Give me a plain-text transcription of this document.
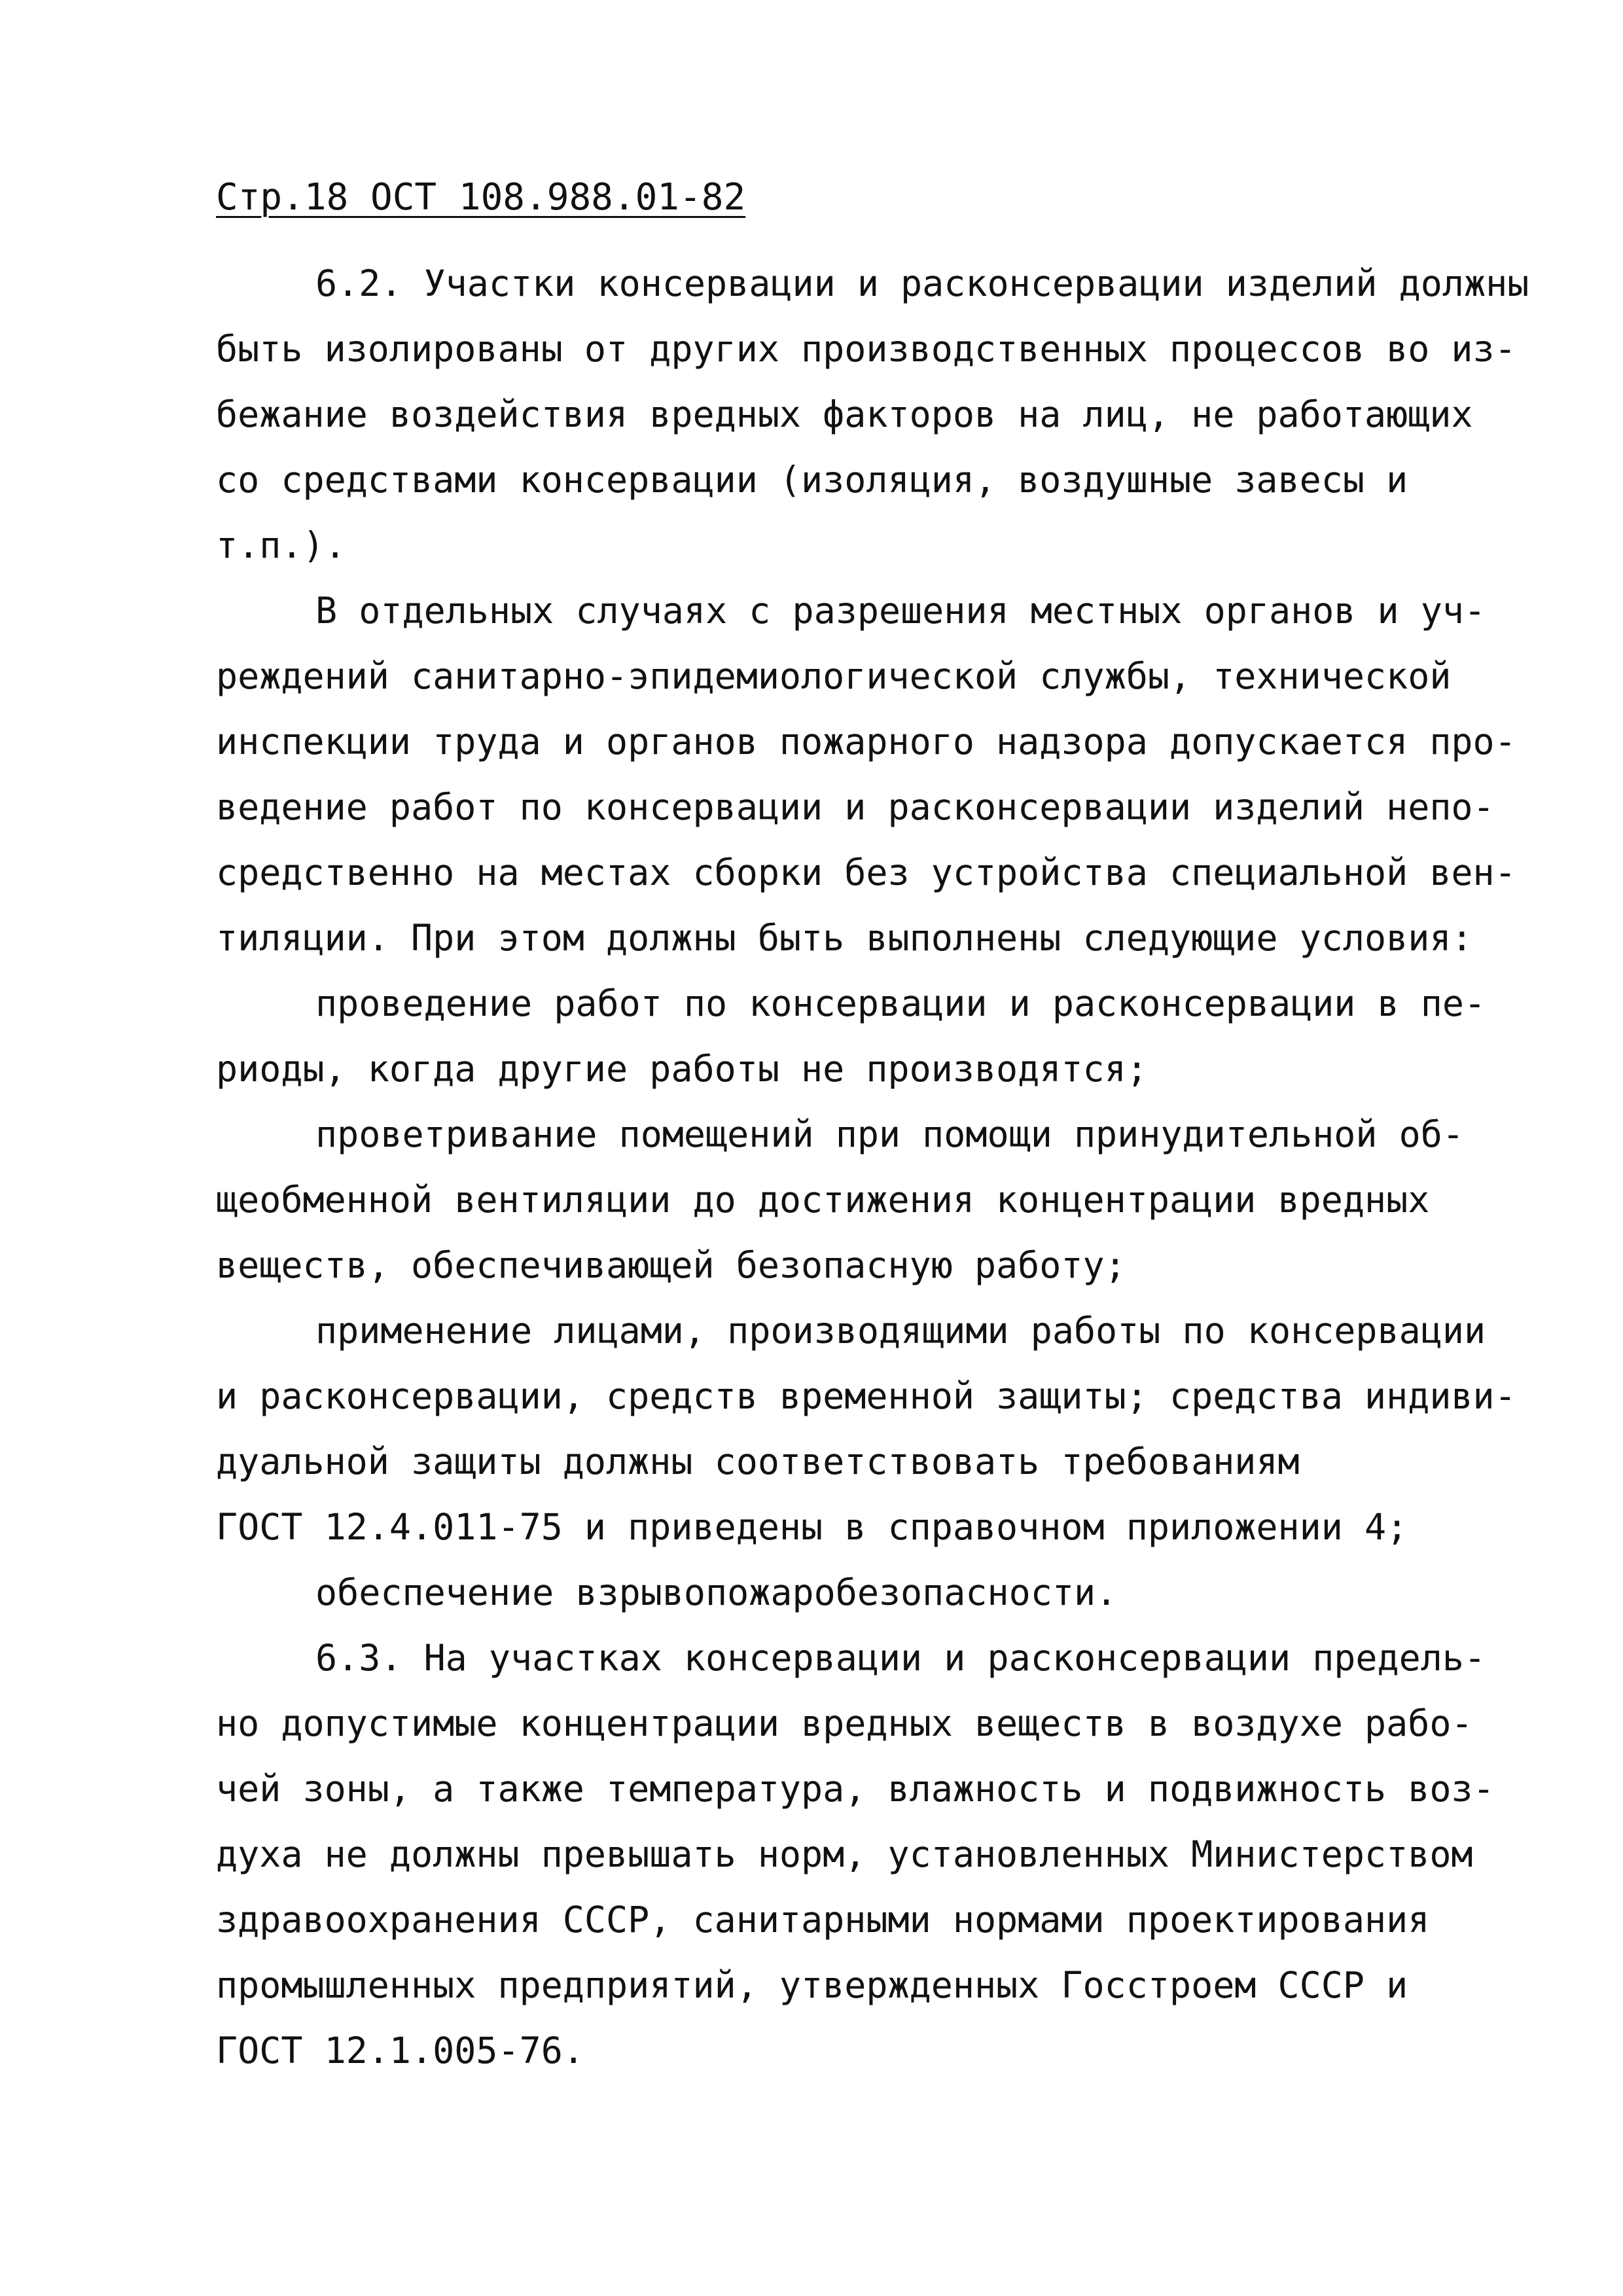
Стр.18 ОСТ 108.988.01-82
6.2. Участки консервации и расконсервации изделий должны
быть изолированы от других производственных процессов во из-
бежание воздействия вредных факторов на лиц, не работающих
со средствами консервации (изоляция, воздушные завесы и
т.п.).
В отдельных случаях с разрешения местных органов и уч-
реждений санитарно-эпидемиологической службы, технической
инспекции труда и органов пожарного надзора допускается про-
ведение работ по консервации и расконсервации изделий непо-
средственно на местах сборки без устройства специальной вен-
тиляции. При этом должны быть выполнены следующие условия:
проведение работ по консервации и расконсервации в пе-
риоды, когда другие работы не производятся;
проветривание помещений при помощи принудительной об-
щеобменной вентиляции до достижения концентрации вредных
веществ, обеспечивающей безопасную работу;
применение лицами, производящими работы по консервации
и расконсервации, средств временной защиты; средства индиви-
дуальной защиты должны соответствовать требованиям
ГОСТ 12.4.011-75 и приведены в справочном приложении 4;
обеспечение взрывопожаробезопасности.
6.3. На участках консервации и расконсервации предель-
но допустимые концентрации вредных веществ в воздухе рабо-
чей зоны, а также температура, влажность и подвижность воз-
духа не должны превышать норм, установленных Министерством
здравоохранения СССР, санитарными нормами проектирования
промышленных предприятий, утвержденных Госстроем СССР и
ГОСТ 12.1.005-76.
